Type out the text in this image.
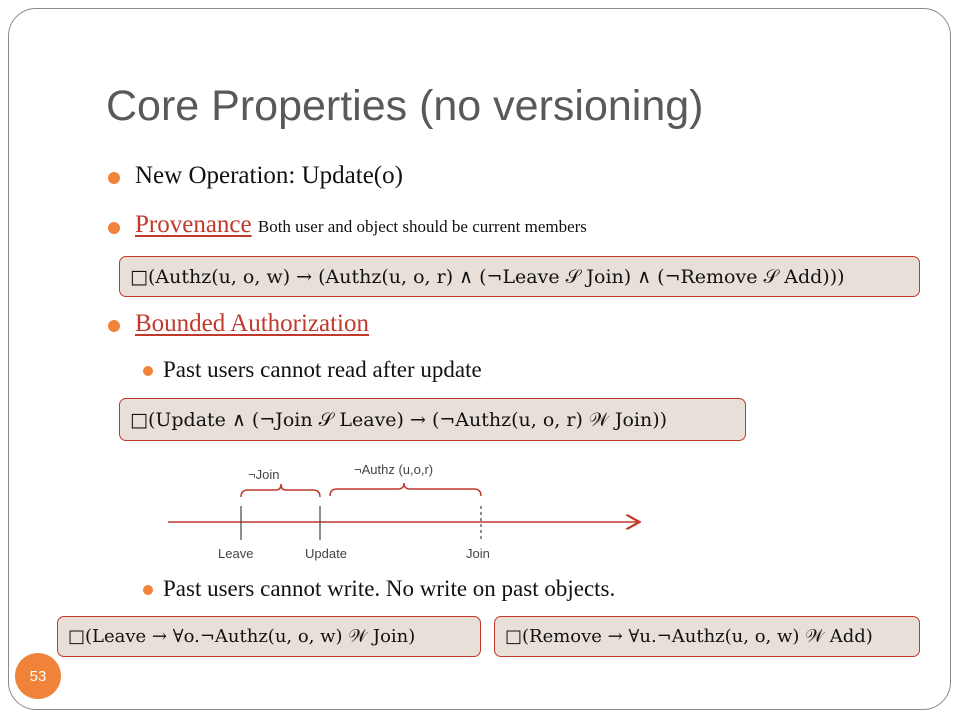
Core Properties (no versioning)
New Operation: Update(o)
Provenance Both user and object should be current members
□(Authz(u, o, w) → (Authz(u, o, r) ∧ (¬Leave 𝒮 Join) ∧ (¬Remove 𝒮 Add)))
Bounded Authorization
Past users cannot read after update
□(Update ∧ (¬Join 𝒮 Leave) → (¬Authz(u, o, r) 𝒲 Join))
¬Join	¬Authz (u,o,r)
Leave	Update	Join
Past users cannot write. No write on past objects.
□(Leave → ∀o.¬Authz(u, o, w) 𝒲 Join)	□(Remove → ∀u.¬Authz(u, o, w) 𝒲 Add)
53
